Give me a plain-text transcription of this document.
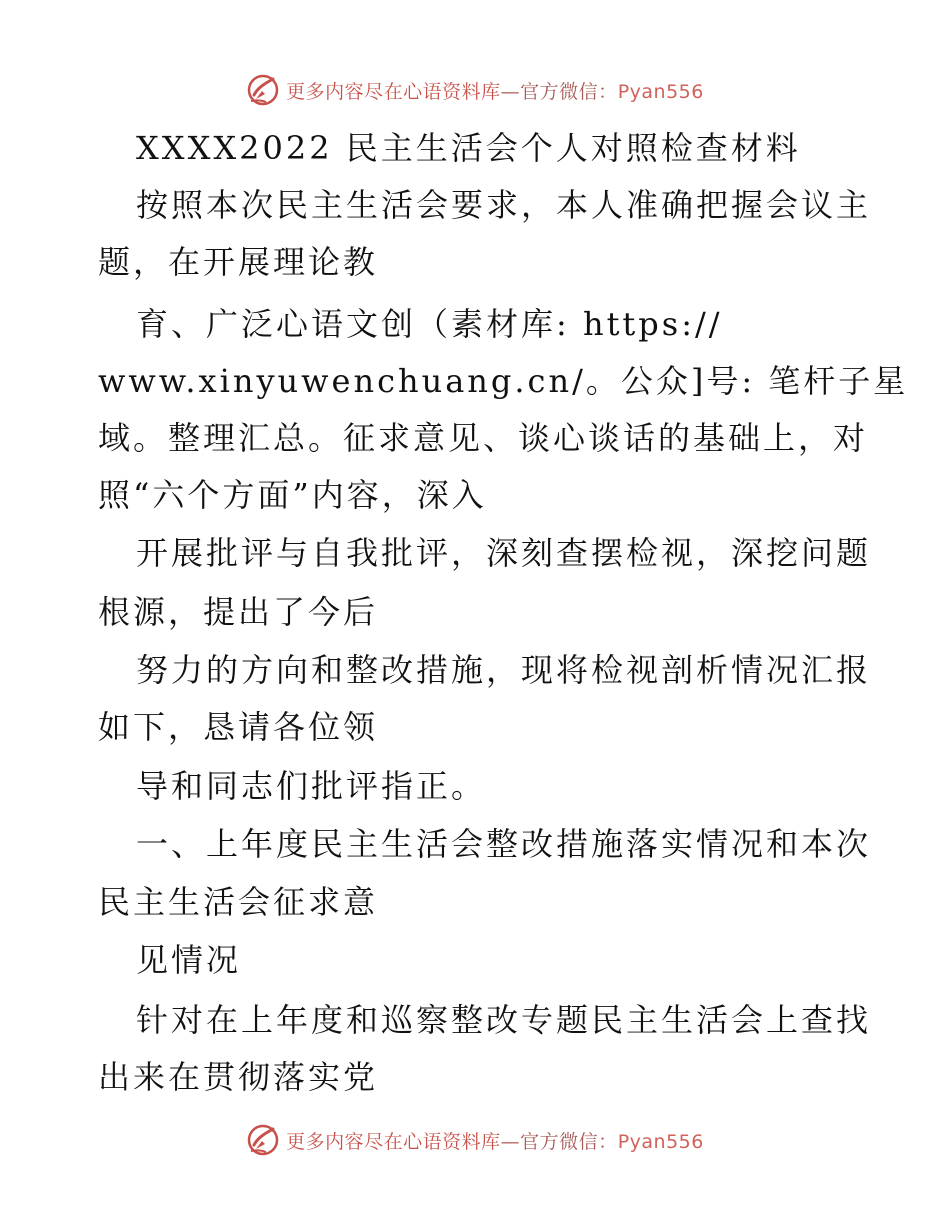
更多内容尽在心语资料库—官方微信：Pyan556
XXXX2022 民主生活会个人对照检查材料
按照本次民主生活会要求，本人准确把握会议主
题，在开展理论教
育、广泛心语文创（素材库: https://
www.xinyuwenchuang.cn/。公众]号: 笔杆子星
域。整理汇总。征求意见、谈心谈话的基础上，对
照“六个方面”内容，深入
开展批评与自我批评，深刻查摆检视，深挖问题
根源，提出了今后
努力的方向和整改措施，现将检视剖析情况汇报
如下，恳请各位领
导和同志们批评指正。
一、上年度民主生活会整改措施落实情况和本次
民主生活会征求意
见情况
针对在上年度和巡察整改专题民主生活会上查找
出来在贯彻落实党
更多内容尽在心语资料库—官方微信：Pyan556
